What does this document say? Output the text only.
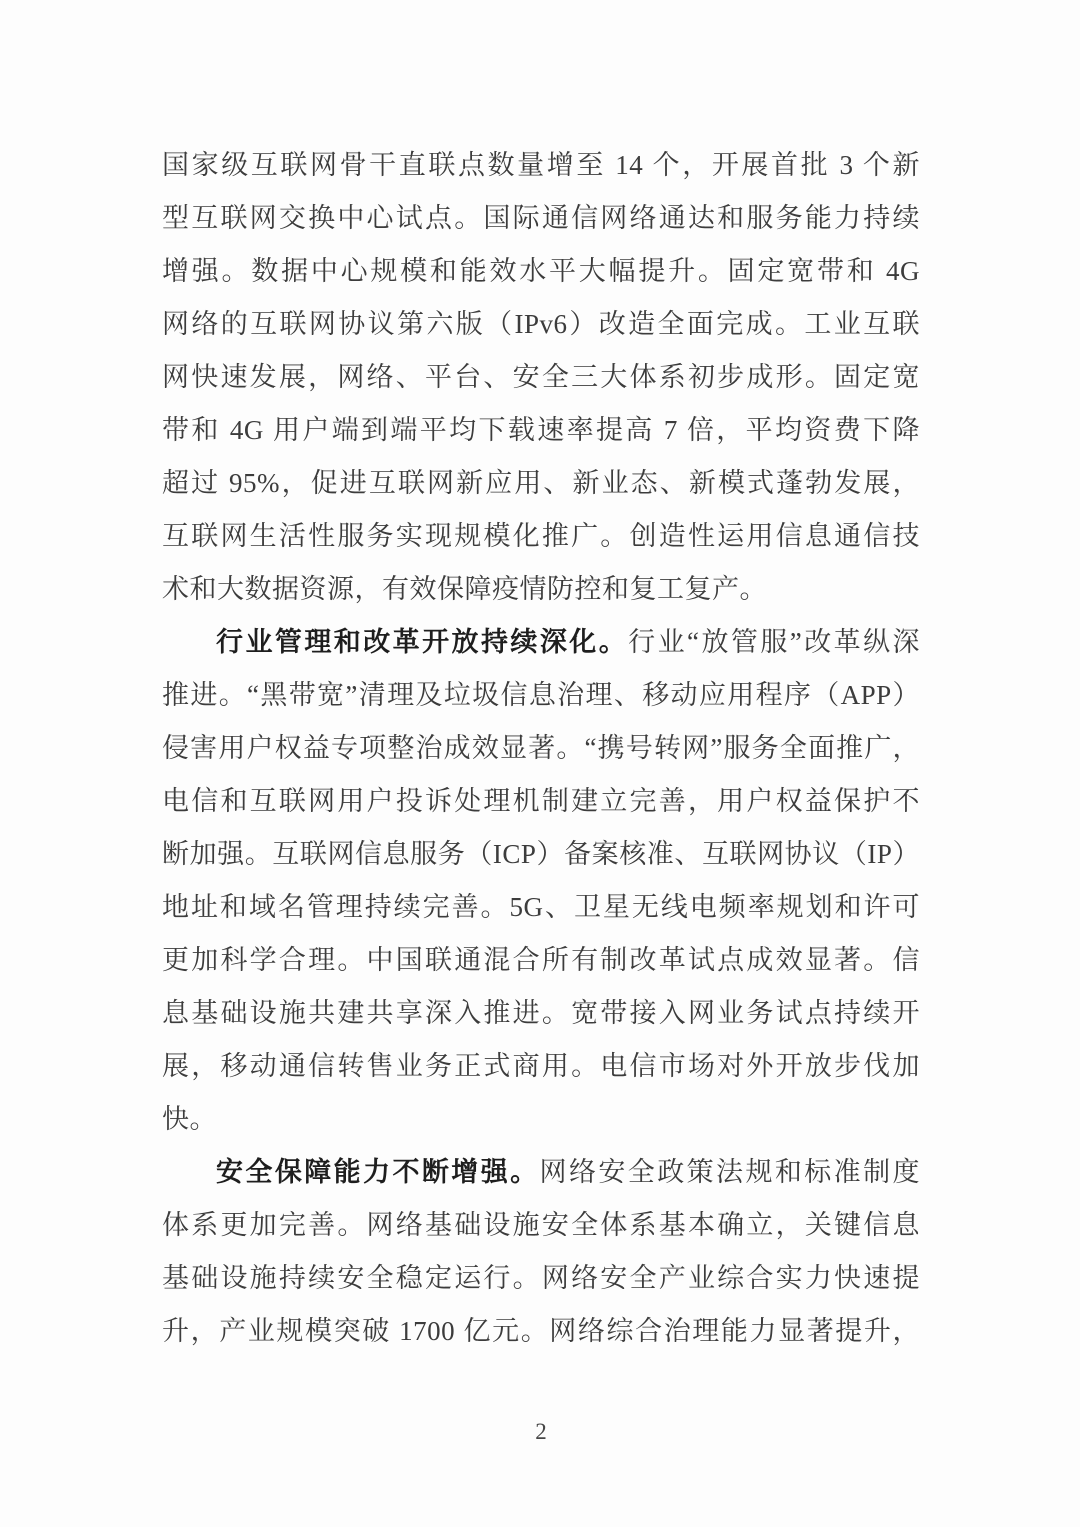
国家级互联网骨干直联点数量增至 14 个，开展首批 3 个新
型互联网交换中心试点。国际通信网络通达和服务能力持续
增强。数据中心规模和能效水平大幅提升。固定宽带和 4G
网络的互联网协议第六版（IPv6）改造全面完成。工业互联
网快速发展，网络、平台、安全三大体系初步成形。固定宽
带和 4G 用户端到端平均下载速率提高 7 倍，平均资费下降
超过 95%，促进互联网新应用、新业态、新模式蓬勃发展，
互联网生活性服务实现规模化推广。创造性运用信息通信技
术和大数据资源，有效保障疫情防控和复工复产。
行业管理和改革开放持续深化。行业“放管服”改革纵深
推进。“黑带宽”清理及垃圾信息治理、移动应用程序（APP）
侵害用户权益专项整治成效显著。“携号转网”服务全面推广，
电信和互联网用户投诉处理机制建立完善，用户权益保护不
断加强。互联网信息服务（ICP）备案核准、互联网协议（IP）
地址和域名管理持续完善。5G、卫星无线电频率规划和许可
更加科学合理。中国联通混合所有制改革试点成效显著。信
息基础设施共建共享深入推进。宽带接入网业务试点持续开
展，移动通信转售业务正式商用。电信市场对外开放步伐加
快。
安全保障能力不断增强。网络安全政策法规和标准制度
体系更加完善。网络基础设施安全体系基本确立，关键信息
基础设施持续安全稳定运行。网络安全产业综合实力快速提
升，产业规模突破 1700 亿元。网络综合治理能力显著提升，
2
